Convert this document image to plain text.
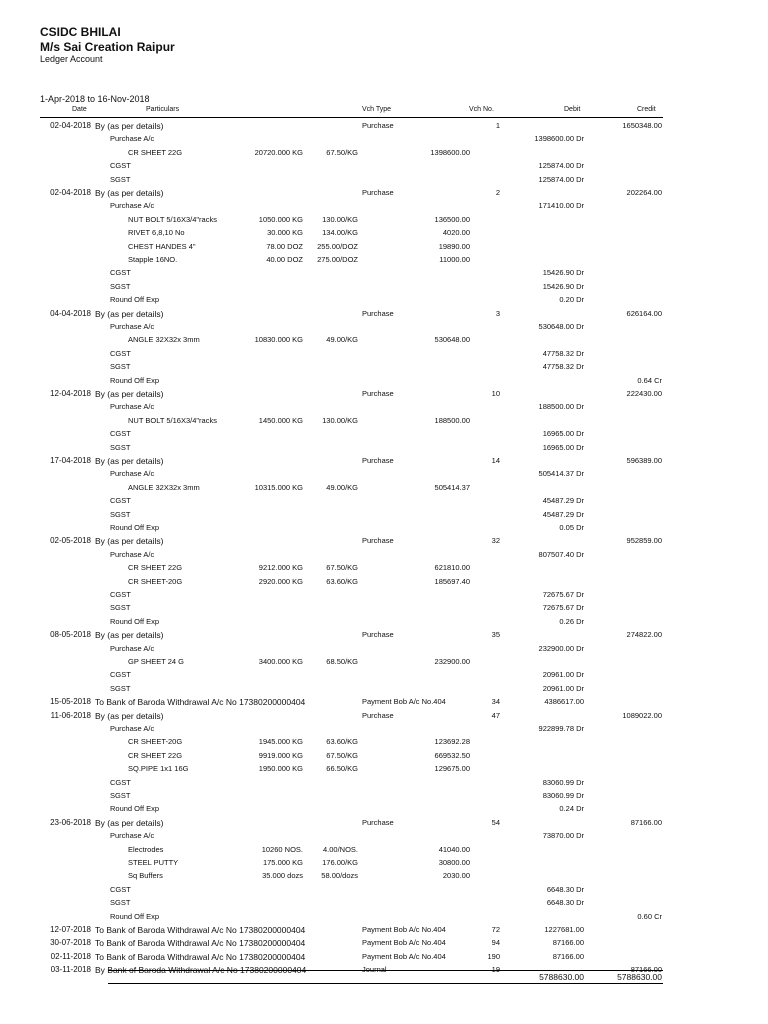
CSIDC BHILAI
M/s Sai Creation Raipur
Ledger Account
1-Apr-2018 to 16-Nov-2018
Date	Particulars	Vch Type	Vch No.	Debit	Credit
02-04-2018 By (as per details)	Purchase	1	1650348.00
Purchase A/c	1398600.00 Dr
CR SHEET 22G	20720.000 KG	67.50/KG	1398600.00
CGST	125874.00 Dr
SGST	125874.00 Dr
02-04-2018 By (as per details)	Purchase	2	202264.00
Purchase A/c	171410.00 Dr
NUT BOLT 5/16X3/4"racks	1050.000 KG	130.00/KG	136500.00
RIVET 6,8,10 No	30.000 KG	134.00/KG	4020.00
CHEST HANDES 4"	78.00 DOZ 255.00/DOZ	19890.00
Stapple 16NO.	40.00 DOZ 275.00/DOZ	11000.00
CGST	15426.90 Dr
SGST	15426.90 Dr
Round Off Exp	0.20 Dr
04-04-2018 By (as per details)	Purchase	3	626164.00
Purchase A/c	530648.00 Dr
ANGLE 32X32x 3mm	10830.000 KG	49.00/KG	530648.00
CGST	47758.32 Dr
SGST	47758.32 Dr
Round Off Exp	0.64 Cr
12-04-2018 By (as per details)	Purchase	10	222430.00
Purchase A/c	188500.00 Dr
NUT BOLT 5/16X3/4"racks	1450.000 KG	130.00/KG	188500.00
CGST	16965.00 Dr
SGST	16965.00 Dr
17-04-2018 By (as per details)	Purchase	14	596389.00
Purchase A/c	505414.37 Dr
ANGLE 32X32x 3mm	10315.000 KG	49.00/KG	505414.37
CGST	45487.29 Dr
SGST	45487.29 Dr
Round Off Exp	0.05 Dr
02-05-2018 By (as per details)	Purchase	32	952859.00
Purchase A/c	807507.40 Dr
CR SHEET 22G	9212.000 KG	67.50/KG	621810.00
CR SHEET-20G	2920.000 KG	63.60/KG	185697.40
CGST	72675.67 Dr
SGST	72675.67 Dr
Round Off Exp	0.26 Dr
08-05-2018 By (as per details)	Purchase	35	274822.00
Purchase A/c	232900.00 Dr
GP SHEET 24 G	3400.000 KG	68.50/KG	232900.00
CGST	20961.00 Dr
SGST	20961.00 Dr
15-05-2018 To Bank of Baroda Withdrawal A/c No 17380200000404	Payment Bob A/c No.404	34	4386617.00
11-06-2018 By (as per details)	Purchase	47	1089022.00
Purchase A/c	922899.78 Dr
CR SHEET-20G	1945.000 KG	63.60/KG	123692.28
CR SHEET 22G	9919.000 KG	67.50/KG	669532.50
SQ.PIPE 1x1 16G	1950.000 KG	66.50/KG	129675.00
CGST	83060.99 Dr
SGST	83060.99 Dr
Round Off Exp	0.24 Dr
23-06-2018 By (as per details)	Purchase	54	87166.00
Purchase A/c	73870.00 Dr
Electrodes	10260 NOS.	4.00/NOS.	41040.00
STEEL PUTTY	175.000 KG	176.00/KG	30800.00
Sq Buffers	35.000 dozs 58.00/dozs	2030.00
CGST	6648.30 Dr
SGST	6648.30 Dr
Round Off Exp	0.60 Cr
12-07-2018 To Bank of Baroda Withdrawal A/c No 17380200000404	Payment Bob A/c No.404	72	1227681.00
30-07-2018 To Bank of Baroda Withdrawal A/c No 17380200000404	Payment Bob A/c No.404	94	87166.00
02-11-2018 To Bank of Baroda Withdrawal A/c No 17380200000404	Payment Bob A/c No.404	190	87166.00
03-11-2018 By Bank of Baroda Withdrawal A/c No 17380200000404	Journal	19	87166.00
5788630.00	5788630.00
